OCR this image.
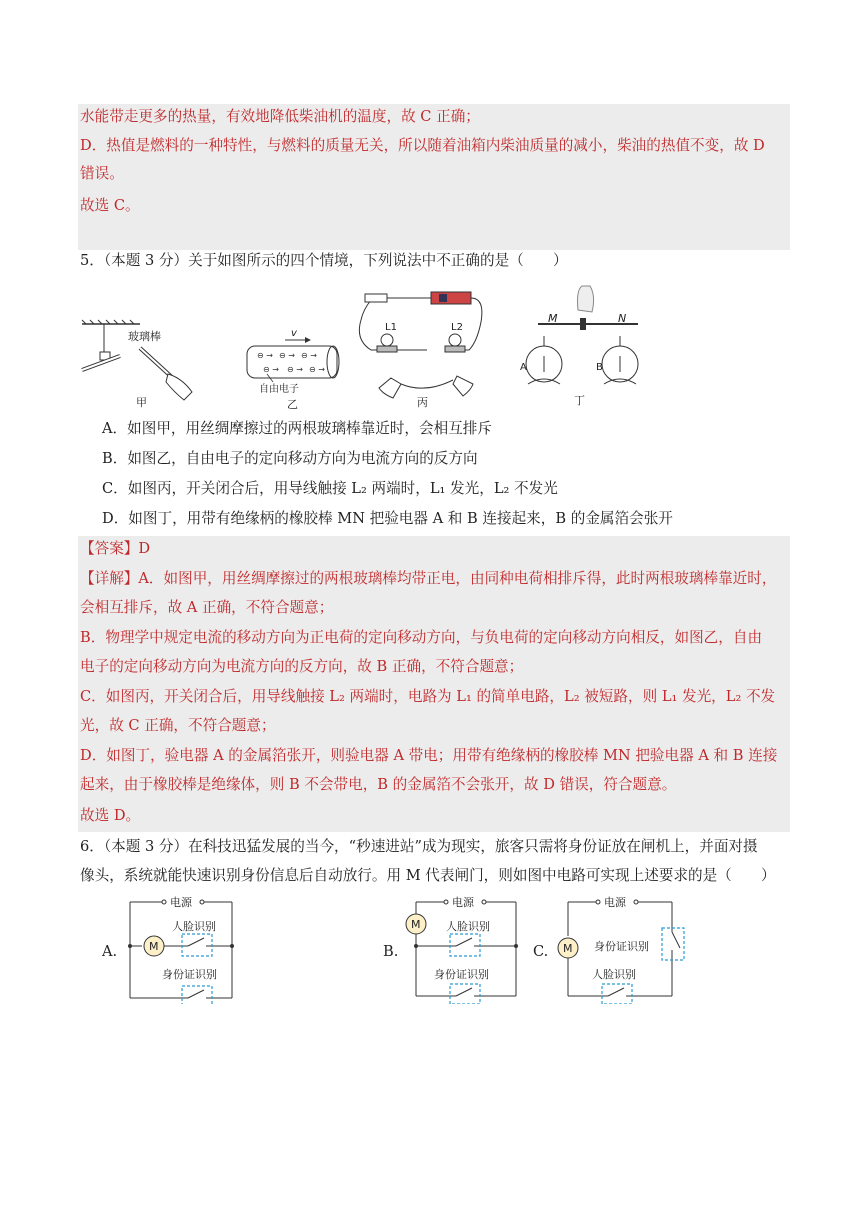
水能带走更多的热量，有效地降低柴油机的温度，故 C 正确；
D．热值是燃料的一种特性，与燃料的质量无关，所以随着油箱内柴油质量的减小，柴油的热值不变，故 D
错误。
故选 C。
5．（本题 3 分）关于如图所示的四个情境，下列说法中不正确的是（　　）
玻璃棒
甲
v
⊖ → ⊖ → ⊖ →
⊖ → ⊖ → ⊖ →
自由电子
乙
L1	L2
丙
M	N
A	B
丁
A．如图甲，用丝绸摩擦过的两根玻璃棒靠近时，会相互排斥
B．如图乙，自由电子的定向移动方向为电流方向的反方向
C．如图丙，开关闭合后，用导线触接 L₂ 两端时，L₁ 发光，L₂ 不发光
D．如图丁，用带有绝缘柄的橡胶棒 MN 把验电器 A 和 B 连接起来，B 的金属箔会张开
【答案】D
【详解】A．如图甲，用丝绸摩擦过的两根玻璃棒均带正电，由同种电荷相排斥得，此时两根玻璃棒靠近时，
会相互排斥，故 A 正确，不符合题意；
B．物理学中规定电流的移动方向为正电荷的定向移动方向，与负电荷的定向移动方向相反，如图乙，自由
电子的定向移动方向为电流方向的反方向，故 B 正确，不符合题意；
C．如图丙，开关闭合后，用导线触接 L₂ 两端时，电路为 L₁ 的简单电路，L₂ 被短路，则 L₁ 发光，L₂ 不发
光，故 C 正确，不符合题意；
D．如图丁，验电器 A 的金属箔张开，则验电器 A 带电；用带有绝缘柄的橡胶棒 MN 把验电器 A 和 B 连接
起来，由于橡胶棒是绝缘体，则 B 不会带电，B 的金属箔不会张开，故 D 错误，符合题意。
故选 D。
6．（本题 3 分）在科技迅猛发展的当今，“秒速进站”成为现实，旅客只需将身份证放在闸机上，并面对摄
像头，系统就能快速识别身份信息后自动放行。用 M 代表闸门，则如图中电路可实现上述要求的是（　　）
A.
电源
M
人脸识别
身份证识别
B.
电源
M 人脸识别
身份证识别
C.
电源
M 身份证识别
人脸识别
